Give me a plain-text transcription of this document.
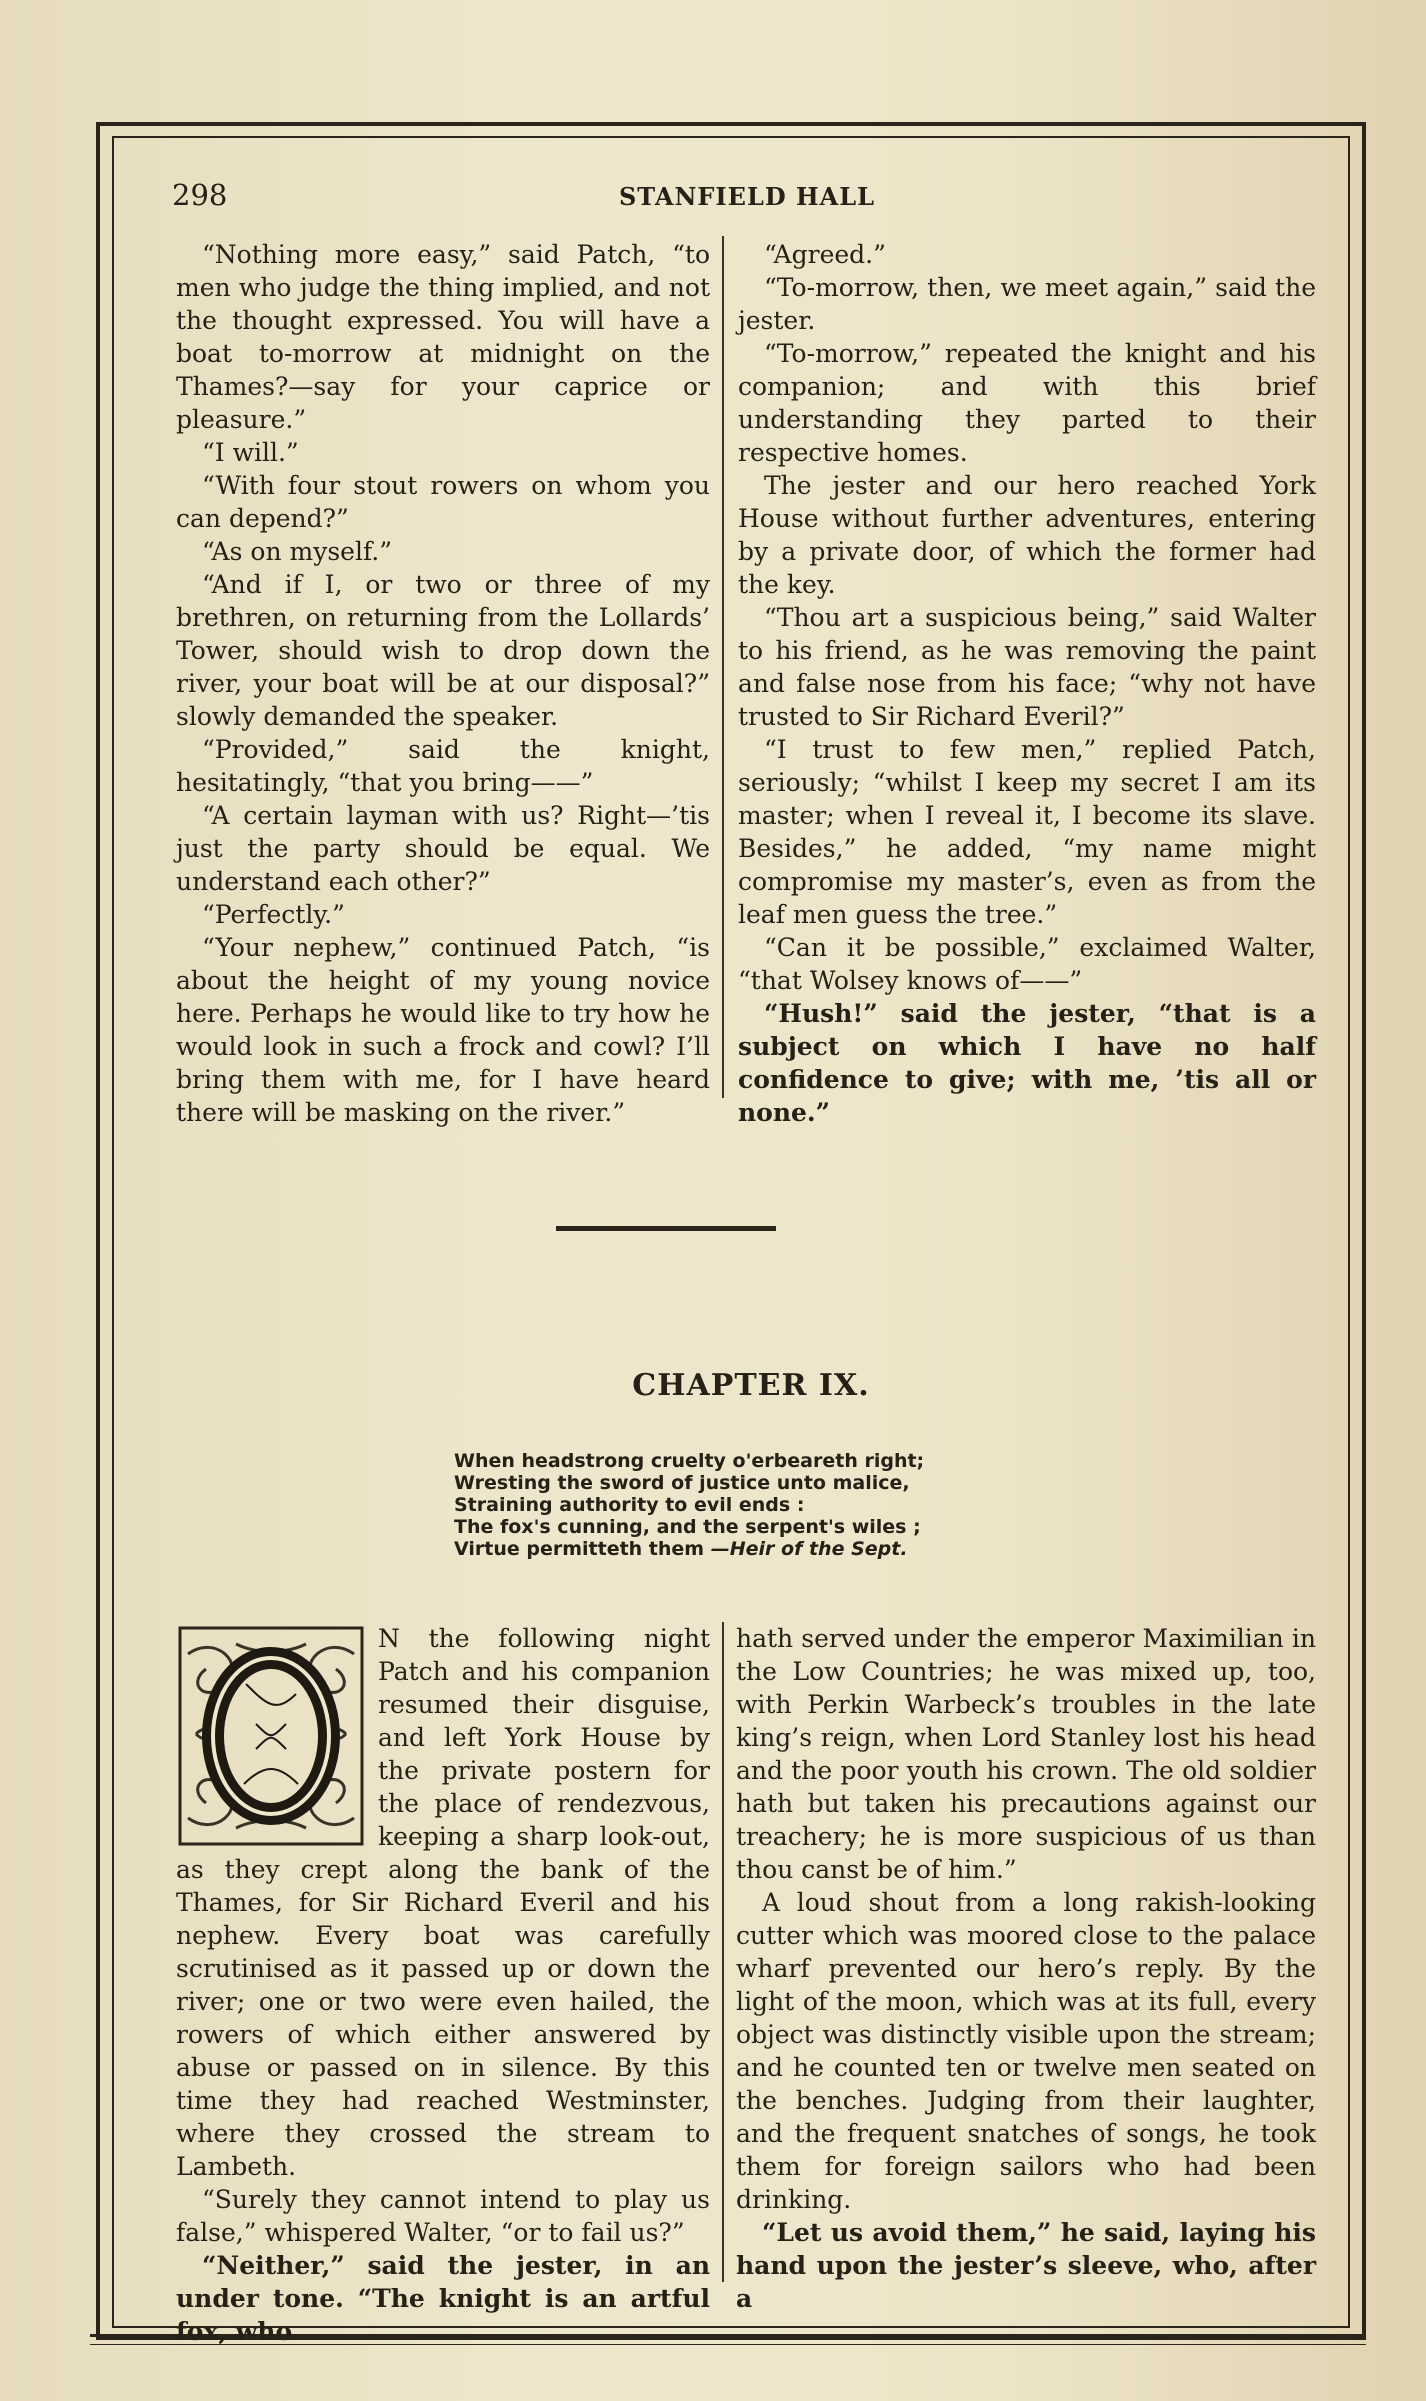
298	STANFIELD HALL

“Nothing more easy,” said Patch, “to men who judge the thing implied, and not the thought expressed. You will have a boat to-morrow at midnight on the Thames?—say for your caprice or pleasure.”

“I will.”

“With four stout rowers on whom you can depend?”

“As on myself.”

“And if I, or two or three of my brethren, on returning from the Lollards’ Tower, should wish to drop down the river, your boat will be at our disposal?” slowly demanded the speaker.

“Provided,” said the knight, hesitatingly, “that you bring——”

“A certain layman with us? Right—’tis just the party should be equal. We understand each other?”

“Perfectly.”

“Your nephew,” continued Patch, “is about the height of my young novice here. Perhaps he would like to try how he would look in such a frock and cowl? I’ll bring them with me, for I have heard there will be masking on the river.”

“Agreed.”

“To-morrow, then, we meet again,” said the jester.

“To-morrow,” repeated the knight and his companion; and with this brief understanding they parted to their respective homes.

The jester and our hero reached York House without further adventures, entering by a private door, of which the former had the key.

“Thou art a suspicious being,” said Walter to his friend, as he was removing the paint and false nose from his face; “why not have trusted to Sir Richard Everil?”

“I trust to few men,” replied Patch, seriously; “whilst I keep my secret I am its master; when I reveal it, I become its slave. Besides,” he added, “my name might compromise my master’s, even as from the leaf men guess the tree.”

“Can it be possible,” exclaimed Walter, “that Wolsey knows of——”

“Hush!” said the jester, “that is a subject on which I have no half confidence to give; with me, ’tis all or none.”

CHAPTER IX.
When headstrong cruelty o'erbeareth right;
Wresting the sword of justice unto malice,
Straining authority to evil ends :
The fox's cunning, and the serpent's wiles ;
Virtue permitteth them —Heir of the Sept.

N the following night Patch and his companion resumed their disguise, and left York House by the private postern for the place of rendezvous, keeping a sharp look-out, as they crept along the bank of the Thames, for Sir Richard Everil and his nephew. Every boat was carefully scrutinised as it passed up or down the river; one or two were even hailed, the rowers of which either answered by abuse or passed on in silence. By this time they had reached Westminster, where they crossed the stream to Lambeth.

“Surely they cannot intend to play us false,” whispered Walter, “or to fail us?”

“Neither,” said the jester, in an under tone. “The knight is an artful fox, who

hath served under the emperor Maximilian in the Low Countries; he was mixed up, too, with Perkin Warbeck’s troubles in the late king’s reign, when Lord Stanley lost his head and the poor youth his crown. The old soldier hath but taken his precautions against our treachery; he is more suspicious of us than thou canst be of him.”

A loud shout from a long rakish-looking cutter which was moored close to the palace wharf prevented our hero’s reply. By the light of the moon, which was at its full, every object was distinctly visible upon the stream; and he counted ten or twelve men seated on the benches. Judging from their laughter, and the frequent snatches of songs, he took them for foreign sailors who had been drinking.

“Let us avoid them,” he said, laying his hand upon the jester’s sleeve, who, after a
